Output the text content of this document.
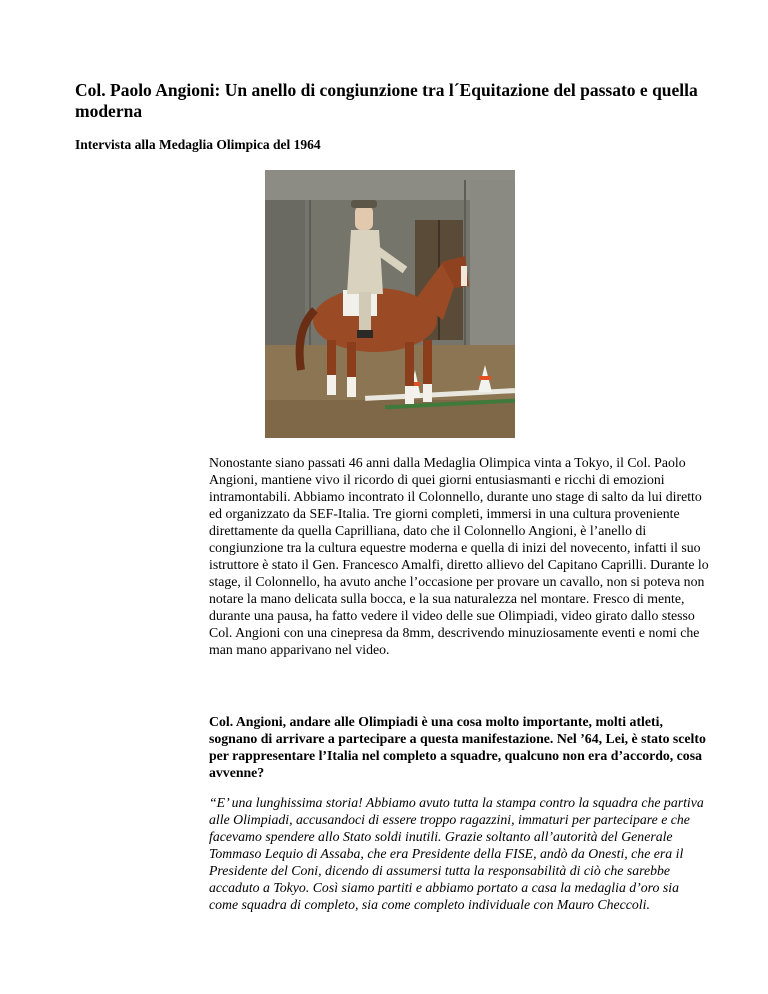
Col. Paolo Angioni: Un anello di congiunzione tra l´Equitazione del passato e quella moderna
Intervista alla Medaglia Olimpica del 1964

Nonostante siano passati 46 anni dalla Medaglia Olimpica vinta a Tokyo, il Col. Paolo Angioni, mantiene vivo il ricordo di quei giorni entusiasmanti e ricchi di emozioni intramontabili. Abbiamo incontrato il Colonnello, durante uno stage di salto da lui diretto ed organizzato da SEF-Italia. Tre giorni completi, immersi in una cultura proveniente direttamente da quella Caprilliana, dato che il Colonnello Angioni, è l’anello di congiunzione tra la cultura equestre moderna e quella di inizi del novecento, infatti il suo istruttore è stato il Gen. Francesco Amalfi, diretto allievo del Capitano Caprilli. Durante lo stage, il Colonnello, ha avuto anche l’occasione per provare un cavallo, non si poteva non notare la mano delicata sulla bocca, e la sua naturalezza nel montare. Fresco di mente, durante una pausa, ha fatto vedere il video delle sue Olimpiadi, video girato dallo stesso Col. Angioni con una cinepresa da 8mm, descrivendo minuziosamente eventi e nomi che man mano apparivano nel video.

Col. Angioni, andare alle Olimpiadi è una cosa molto importante, molti atleti, sognano di arrivare a partecipare a questa manifestazione. Nel ’64, Lei, è stato scelto per rappresentare l’Italia nel completo a squadre, qualcuno non era d’accordo, cosa avvenne?

“E’ una lunghissima storia! Abbiamo avuto tutta la stampa contro la squadra che partiva alle Olimpiadi, accusandoci di essere troppo ragazzini, immaturi per partecipare e che facevamo spendere allo Stato soldi inutili. Grazie soltanto all’autorità del Generale Tommaso Lequio di Assaba, che era Presidente della FISE, andò da Onesti, che era il Presidente del Coni, dicendo di assumersi tutta la responsabilità di ciò che sarebbe accaduto a Tokyo. Così siamo partiti e abbiamo portato a casa la medaglia d’oro sia come squadra di completo, sia come completo individuale con Mauro Checcoli.
